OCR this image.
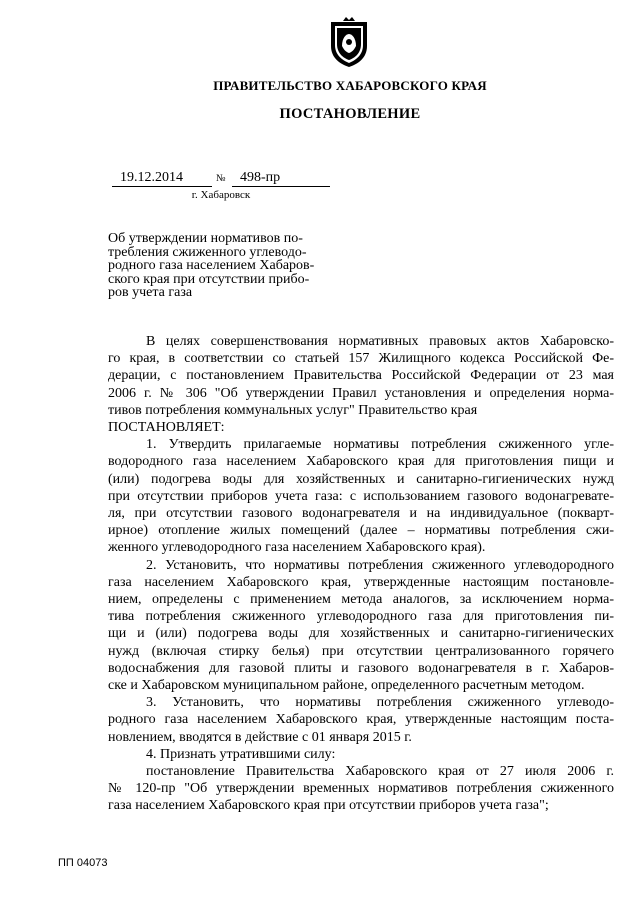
ПРАВИТЕЛЬСТВО ХАБАРОВСКОГО КРАЯ
ПОСТАНОВЛЕНИЕ
19.12.2014	№ 498-пр
г. Хабаровск
Об утверждении нормативов по-
требления сжиженного углеводо-
родного газа населением Хабаров-
ского края при отсутствии прибо-
ров учета газа
В целях совершенствования нормативных правовых актов Хабаровско-
го края, в соответствии со статьей 157 Жилищного кодекса Российской Фе-
дерации, с постановлением Правительства Российской Федерации от 23 мая
2006 г. № 306 "Об утверждении Правил установления и определения норма-
тивов потребления коммунальных услуг" Правительство края
ПОСТАНОВЛЯЕТ:
1. Утвердить прилагаемые нормативы потребления сжиженного угле-
водородного газа населением Хабаровского края для приготовления пищи и
(или) подогрева воды для хозяйственных и санитарно-гигиенических нужд
при отсутствии приборов учета газа: с использованием газового водонагревате-
ля, при отсутствии газового водонагревателя и на индивидуальное (покварт-
ирное) отопление жилых помещений (далее – нормативы потребления сжи-
женного углеводородного газа населением Хабаровского края).
2. Установить, что нормативы потребления сжиженного углеводородного
газа населением Хабаровского края, утвержденные настоящим постановле-
нием, определены с применением метода аналогов, за исключением норма-
тива потребления сжиженного углеводородного газа для приготовления пи-
щи и (или) подогрева воды для хозяйственных и санитарно-гигиенических
нужд (включая стирку белья) при отсутствии централизованного горячего
водоснабжения для газовой плиты и газового водонагревателя в г. Хабаров-
ске и Хабаровском муниципальном районе, определенного расчетным методом.
3. Установить, что нормативы потребления сжиженного углеводо-
родного газа населением Хабаровского края, утвержденные настоящим поста-
новлением, вводятся в действие с 01 января 2015 г.
4. Признать утратившими силу:
постановление Правительства Хабаровского края от 27 июля 2006 г.
№ 120-пр "Об утверждении временных нормативов потребления сжиженного
газа населением Хабаровского края при отсутствии приборов учета газа";
ПП 04073
